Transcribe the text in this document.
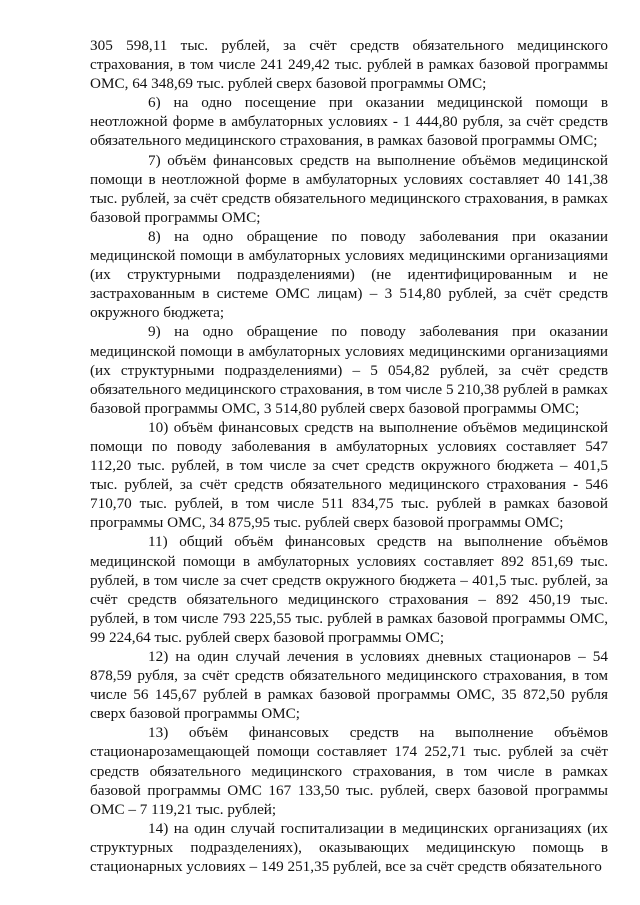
305 598,11 тыс. рублей, за счёт средств обязательного медицинского страхования, в том числе 241 249,42 тыс. рублей в рамках базовой программы ОМС, 64 348,69 тыс. рублей сверх базовой программы ОМС;

6) на одно посещение при оказании медицинской помощи в неотложной форме в амбулаторных условиях - 1 444,80 рубля, за счёт средств обязательного медицинского страхования, в рамках базовой программы ОМС;

7) объём финансовых средств на выполнение объёмов медицинской помощи в неотложной форме в амбулаторных условиях составляет 40 141,38 тыс. рублей, за счёт средств обязательного медицинского страхования, в рамках базовой программы ОМС;

8) на одно обращение по поводу заболевания при оказании медицинской помощи в амбулаторных условиях медицинскими организациями (их структурными подразделениями) (не идентифицированным и не застрахованным в системе ОМС лицам) – 3 514,80 рублей, за счёт средств окружного бюджета;

9) на одно обращение по поводу заболевания при оказании медицинской помощи в амбулаторных условиях медицинскими организациями (их структурными подразделениями) – 5 054,82 рублей, за счёт средств обязательного медицинского страхования, в том числе 5 210,38 рублей в рамках базовой программы ОМС, 3 514,80 рублей сверх базовой программы ОМС;

10) объём финансовых средств на выполнение объёмов медицинской помощи по поводу заболевания в амбулаторных условиях составляет 547 112,20 тыс. рублей, в том числе за счет средств окружного бюджета – 401,5 тыс. рублей, за счёт средств обязательного медицинского страхования - 546 710,70 тыс. рублей, в том числе 511 834,75 тыс. рублей в рамках базовой программы ОМС, 34 875,95 тыс. рублей сверх базовой программы ОМС;

11) общий объём финансовых средств на выполнение объёмов медицинской помощи в амбулаторных условиях составляет 892 851,69 тыс. рублей, в том числе за счет средств окружного бюджета – 401,5 тыс. рублей, за счёт средств обязательного медицинского страхования – 892 450,19 тыс. рублей, в том числе 793 225,55 тыс. рублей в рамках базовой программы ОМС, 99 224,64 тыс. рублей сверх базовой программы ОМС;

12) на один случай лечения в условиях дневных стационаров – 54 878,59 рубля, за счёт средств обязательного медицинского страхования, в том числе 56 145,67 рублей в рамках базовой программы ОМС, 35 872,50 рубля сверх базовой программы ОМС;

13) объём финансовых средств на выполнение объёмов стационарозамещающей помощи составляет 174 252,71 тыс. рублей за счёт средств обязательного медицинского страхования, в том числе в рамках базовой программы ОМС 167 133,50 тыс. рублей, сверх базовой программы ОМС – 7 119,21 тыс. рублей;

14) на один случай госпитализации в медицинских организациях (их структурных подразделениях), оказывающих медицинскую помощь в стационарных условиях – 149 251,35 рублей, все за счёт средств обязательного
